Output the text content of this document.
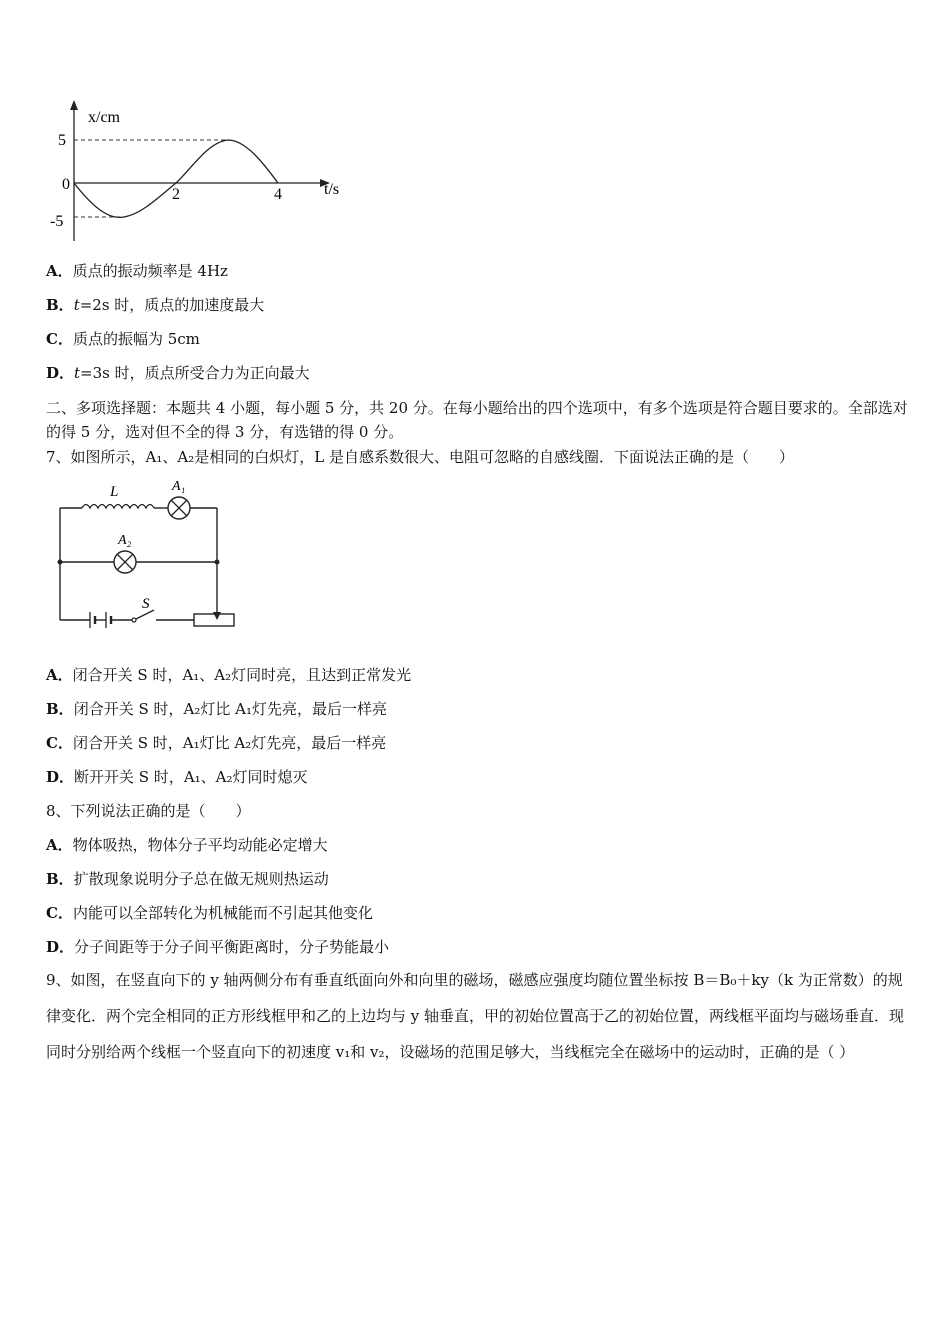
x/cm
t/s
5
0
-5
2	4
A．质点的振动频率是 4Hz
B．t=2s 时，质点的加速度最大
C．质点的振幅为 5cm
D．t=3s 时，质点所受合力为正向最大
二、多项选择题：本题共 4 小题，每小题 5 分，共 20 分。在每小题给出的四个选项中，有多个选项是符合题目要求的。全部选对的得 5 分，选对但不全的得 3 分，有选错的得 0 分。
7、如图所示，A₁、A₂是相同的白炽灯，L 是自感系数很大、电阻可忽略的自感线圈．下面说法正确的是（　　）
L	A₁
A₂
S
A．闭合开关 S 时，A₁、A₂灯同时亮，且达到正常发光
B．闭合开关 S 时，A₂灯比 A₁灯先亮，最后一样亮
C．闭合开关 S 时，A₁灯比 A₂灯先亮，最后一样亮
D．断开开关 S 时，A₁、A₂灯同时熄灭
8、下列说法正确的是（　　）
A．物体吸热，物体分子平均动能必定增大
B．扩散现象说明分子总在做无规则热运动
C．内能可以全部转化为机械能而不引起其他变化
D．分子间距等于分子间平衡距离时，分子势能最小
9、如图，在竖直向下的 y 轴两侧分布有垂直纸面向外和向里的磁场，磁感应强度均随位置坐标按 B＝B₀＋ky（k 为正常数）的规律变化．两个完全相同的正方形线框甲和乙的上边均与 y 轴垂直，甲的初始位置高于乙的初始位置，两线框平面均与磁场垂直．现同时分别给两个线框一个竖直向下的初速度 v₁和 v₂，设磁场的范围足够大，当线框完全在磁场中的运动时，正确的是（ ）
